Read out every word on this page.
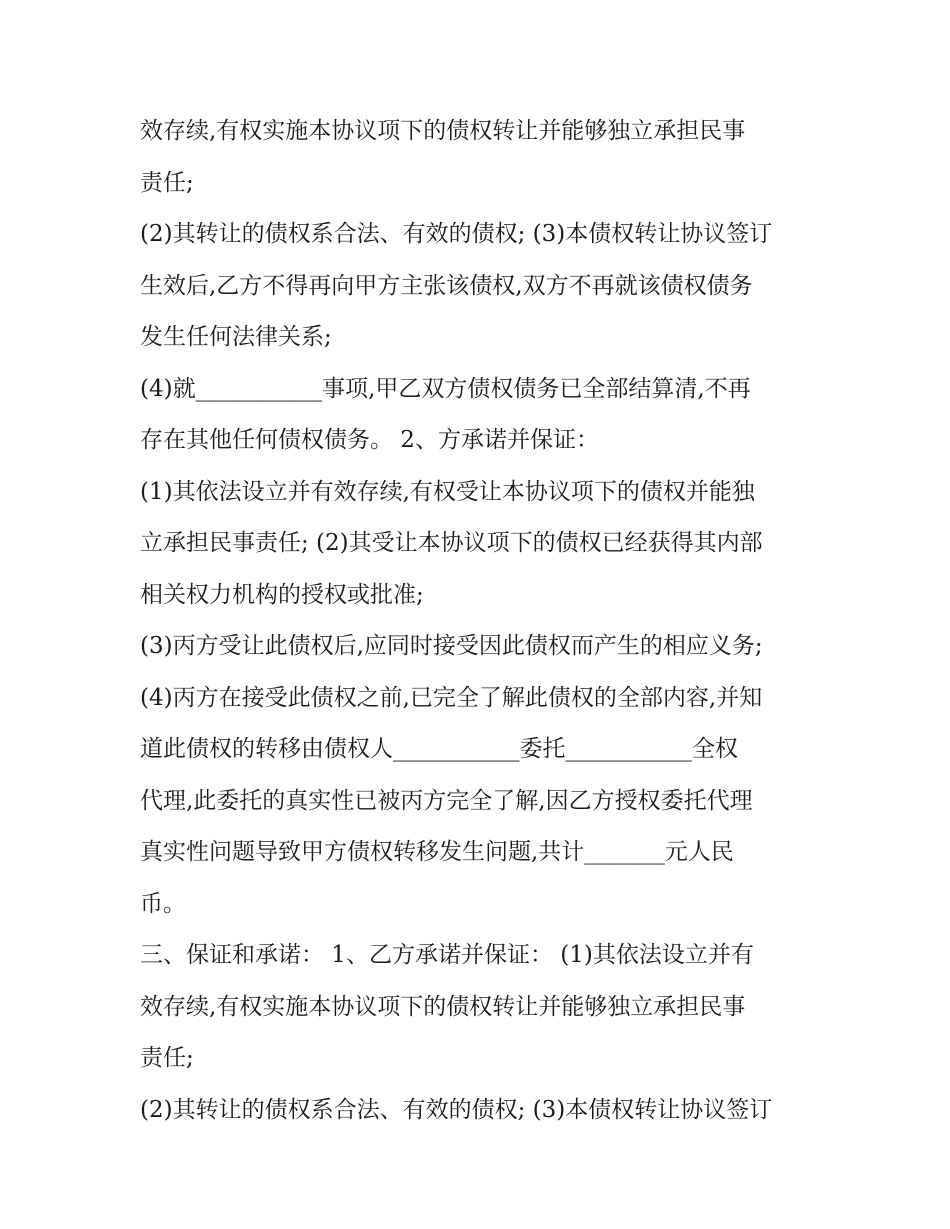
效存续,有权实施本协议项下的债权转让并能够独立承担民事
责任;
(2)其转让的债权系合法、有效的债权; (3)本债权转让协议签订
生效后,乙方不得再向甲方主张该债权,双方不再就该债权债务
发生任何法律关系;
(4)就___________事项,甲乙双方债权债务已全部结算清,不再
存在其他任何债权债务。 2、方承诺并保证：
(1)其依法设立并有效存续,有权受让本协议项下的债权并能独
立承担民事责任; (2)其受让本协议项下的债权已经获得其内部
相关权力机构的授权或批准;
(3)丙方受让此债权后,应同时接受因此债权而产生的相应义务;
(4)丙方在接受此债权之前,已完全了解此债权的全部内容,并知
道此债权的转移由债权人___________委托___________全权
代理,此委托的真实性已被丙方完全了解,因乙方授权委托代理
真实性问题导致甲方债权转移发生问题,共计_______元人民
币。
三、保证和承诺： 1、乙方承诺并保证： (1)其依法设立并有
效存续,有权实施本协议项下的债权转让并能够独立承担民事
责任;
(2)其转让的债权系合法、有效的债权; (3)本债权转让协议签订
